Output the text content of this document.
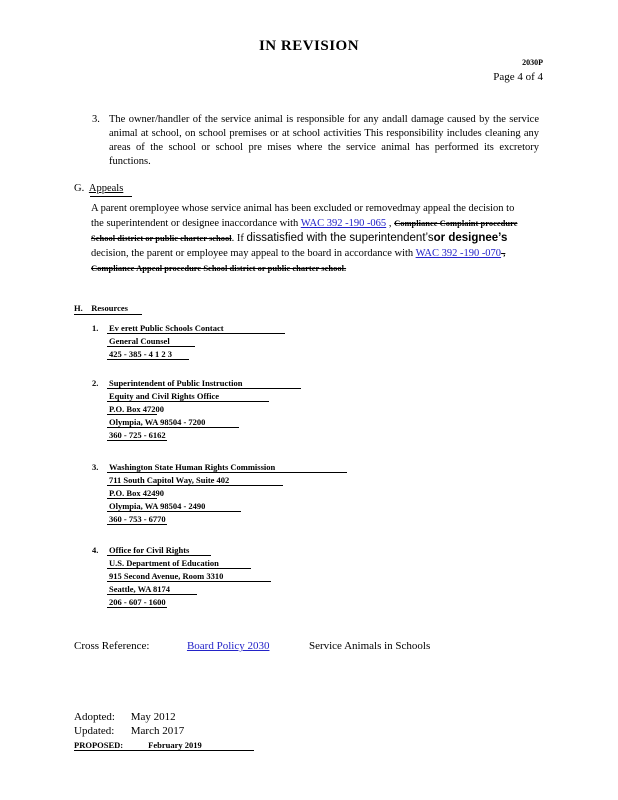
IN REVISION
2030P
Page 4 of 4
3. The owner/handler of the service animal is responsible for any andall damage caused by the service animal at school, on school premises or at school activities This responsibility includes cleaning any areas of the school or school pre mises where the service animal has performed its excretory functions.
G. Appeals

A parent oremployee whose service animal has been excluded or removedmay appeal the decision to the superintendent or designee inaccordance with WAC 392 -190 -065 , Compliance Complaint procedure School district or public charter school. If dissatisfied with the superintendent’sor designee’s decision, the parent or employee may appeal to the board in accordance with WAC 392 -190 -070 , Compliance Appeal procedure School district or public charter school.

H. Resources
1. Ev erett Public Schools Contact
General Counsel
425 - 385 - 4 1 2 3
2. Superintendent of Public Instruction
Equity and Civil Rights Office
P.O. Box 47200
Olympia, WA 98504 - 7200
360 - 725 - 6162
3. Washington State Human Rights Commission
711 South Capitol Way, Suite 402
P.O. Box 42490
Olympia, WA 98504 - 2490
360 - 753 - 6770
4. Office for Civil Rights
U.S. Department of Education
915 Second Avenue, Room 3310
Seattle, WA 8174
206 - 607 - 1600
Cross Reference:	Board Policy 2030	Service Animals in Schools
Adopted: May 2012
Updated: March 2017
PROPOSED:	February 2019
